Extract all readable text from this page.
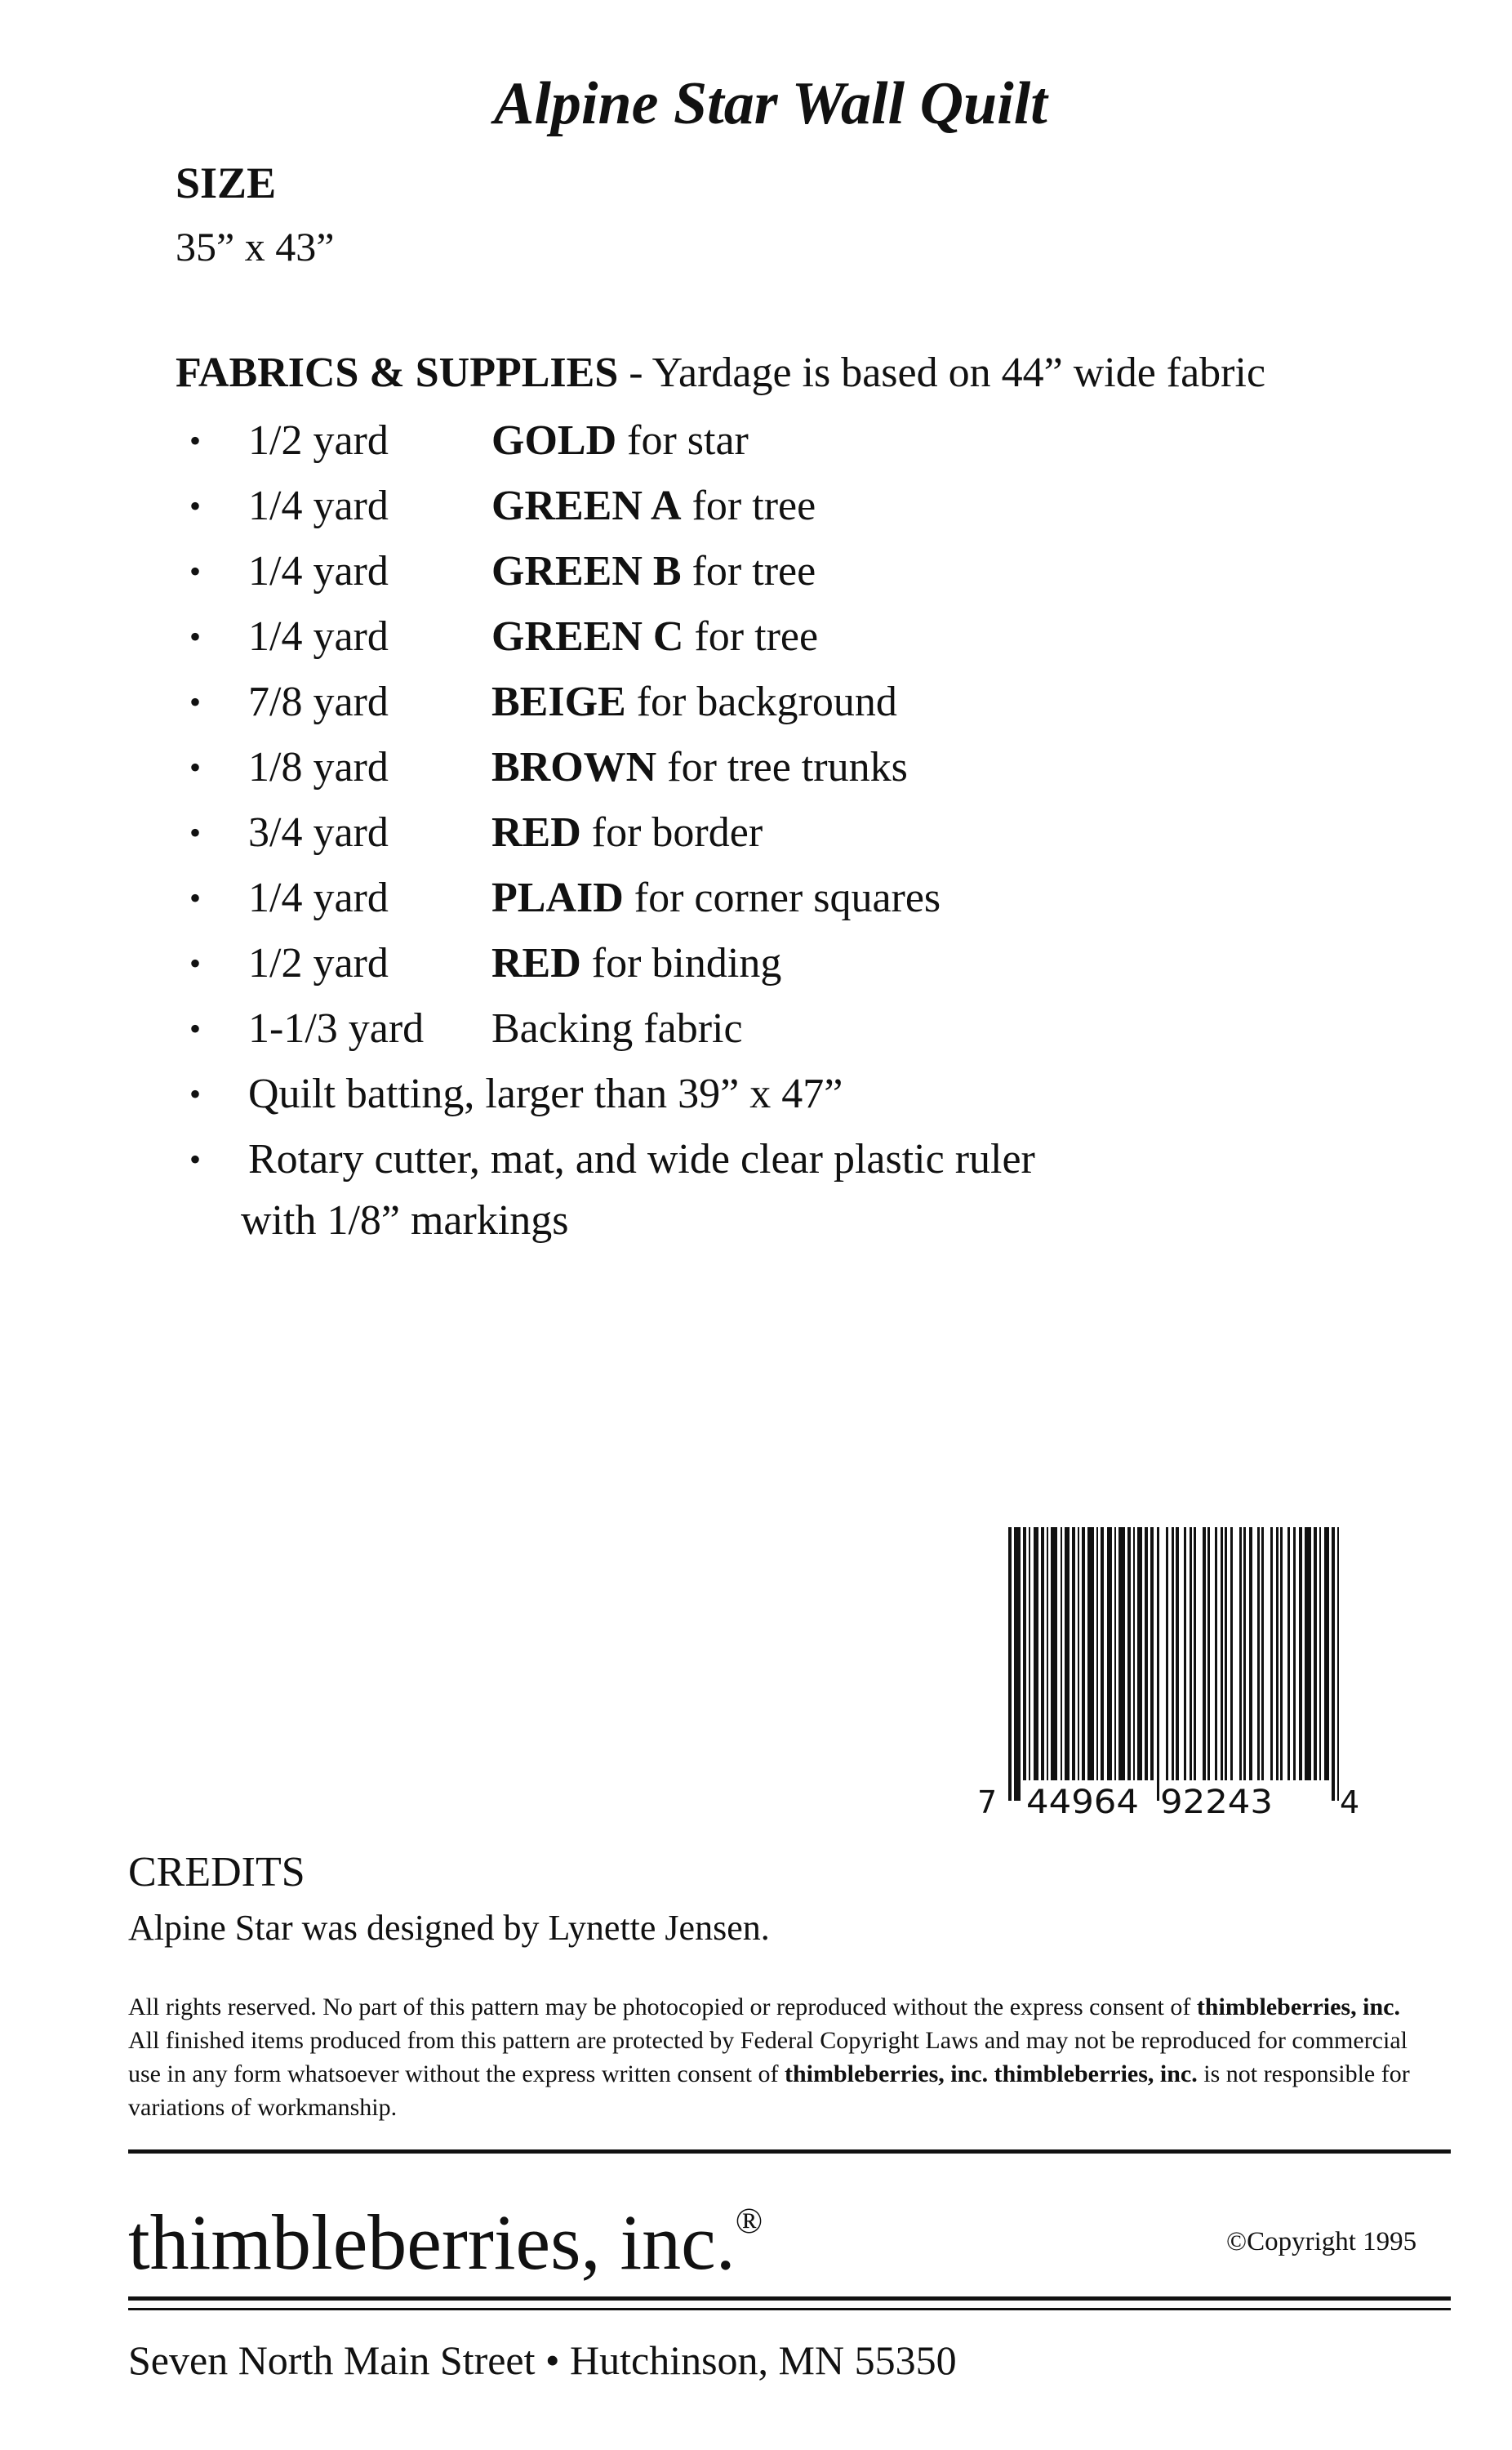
Alpine Star Wall Quilt
SIZE
35” x 43”
FABRICS & SUPPLIES - Yardage is based on 44” wide fabric
• 1/2 yard GOLD for star
• 1/4 yard GREEN A for tree
• 1/4 yard GREEN B for tree
• 1/4 yard GREEN C for tree
• 7/8 yard BEIGE for background
• 1/8 yard BROWN for tree trunks
• 3/4 yard RED for border
• 1/4 yard PLAID for corner squares
• 1/2 yard RED for binding
• 1-1/3 yard Backing fabric
• Quilt batting, larger than 39” x 47”
• Rotary cutter, mat, and wide clear plastic ruler
with 1/8” markings
7 44964 92243 4
CREDITS
Alpine Star was designed by Lynette Jensen.
All rights reserved. No part of this pattern may be photocopied or reproduced without the express consent of thimbleberries, inc. All finished items produced from this pattern are protected by Federal Copyright Laws and may not be reproduced for commercial use in any form whatsoever without the express written consent of thimbleberries, inc. thimbleberries, inc. is not responsible for variations of workmanship.
thimbleberries, inc.®
©Copyright 1995
Seven North Main Street • Hutchinson, MN 55350
